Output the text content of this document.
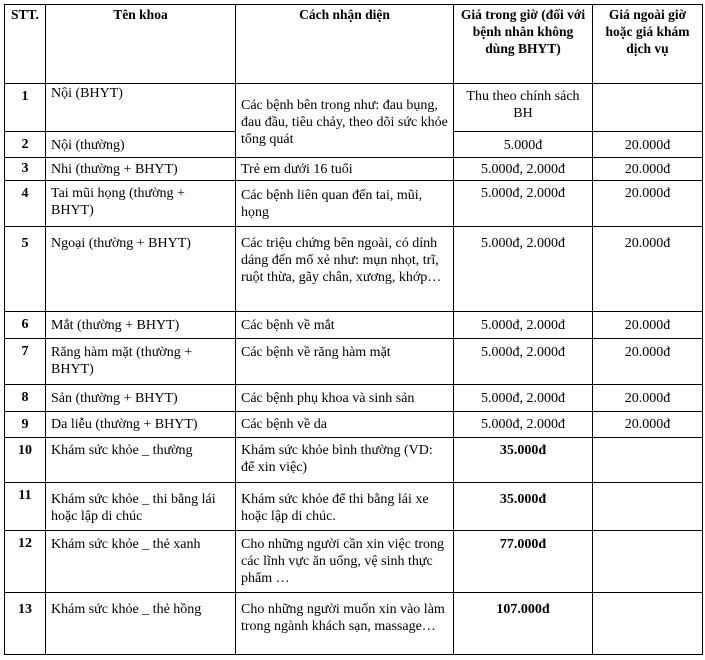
STT.	Tên khoa	Cách nhận diện	Giá trong giờ (đối với bệnh nhân không dùng BHYT)	Giá ngoài giờ hoặc giá khám dịch vụ
1	Nội (BHYT)	Các bệnh bên trong như: đau bụng, đau đầu, tiêu chảy, theo dõi sức khỏe tổng quát	Thu theo chính sách BH	
2	Nội (thường)		5.000đ	20.000đ
3	Nhi (thường + BHYT)	Trẻ em dưới 16 tuổi	5.000đ, 2.000đ	20.000đ
4	Tai mũi họng (thường + BHYT)	Các bệnh liên quan đến tai, mũi, họng	5.000đ, 2.000đ	20.000đ
5	Ngoại (thường + BHYT)	Các triệu chứng bên ngoài, có dính dáng đến mổ xẻ như: mụn nhọt, trĩ, ruột thừa, gãy chân, xương, khớp…	5.000đ, 2.000đ	20.000đ
6	Mắt (thường + BHYT)	Các bệnh về mắt	5.000đ, 2.000đ	20.000đ
7	Răng hàm mặt (thường + BHYT)	Các bệnh về răng hàm mặt	5.000đ, 2.000đ	20.000đ
8	Sản (thường + BHYT)	Các bệnh phụ khoa và sinh sản	5.000đ, 2.000đ	20.000đ
9	Da liễu (thường + BHYT)	Các bệnh về da	5.000đ, 2.000đ	20.000đ
10	Khám sức khỏe _ thường	Khám sức khỏe bình thường (VD: để xin việc)	35.000đ	
11	Khám sức khỏe _ thi bằng lái hoặc lập di chúc	Khám sức khỏe để thi bằng lái xe hoặc lập di chúc.	35.000đ	
12	Khám sức khỏe _ thẻ xanh	Cho những người cần xin việc trong các lĩnh vực ăn uống, vệ sinh thực phẩm …	77.000đ	
13	Khám sức khỏe _ thẻ hồng	Cho những người muốn xin vào làm trong ngành khách sạn, massage…	107.000đ	
